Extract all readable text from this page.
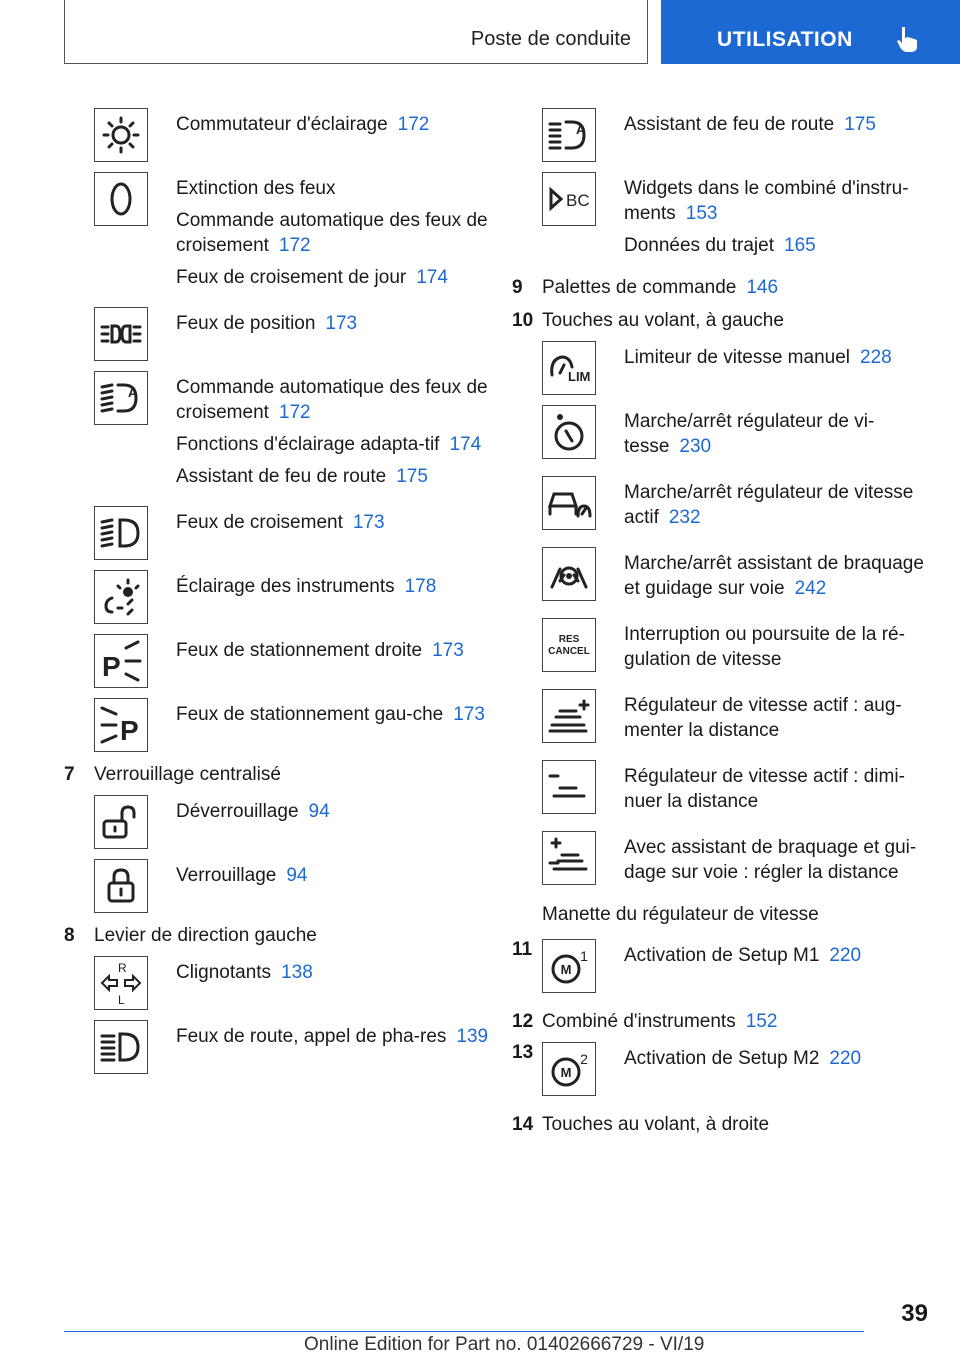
Poste de conduite	UTILISATION
Commutateur d'éclairage 172
Extinction des feux
Commande automatique des feux de croisement 172
Feux de croisement de jour 174
Feux de position 173
A Commande automatique des feux de croisement 172
Fonctions d'éclairage adapta-tif 174
Assistant de feu de route 175
Feux de croisement 173
Éclairage des instruments 178
P
Feux de stationnement droite 173
P
Feux de stationnement gau-che 173
7 Verrouillage centralisé
Déverrouillage 94
Verrouillage 94
8 Levier de direction gauche
R
L
Clignotants 138
Feux de route, appel de pha-res 139
A Assistant de feu de route 175
BC
Widgets dans le combiné d'instru-ments 153
Données du trajet 165
9 Palettes de commande 146
10 Touches au volant, à gauche
LIM
Limiteur de vitesse manuel 228
Marche/arrêt régulateur de vi-tesse 230
Marche/arrêt régulateur de vitesse actif 232
Marche/arrêt assistant de braquage et guidage sur voie 242
RES
CANCEL
Interruption ou poursuite de la ré-gulation de vitesse
Régulateur de vitesse actif : aug-menter la distance
Régulateur de vitesse actif : dimi-nuer la distance
Avec assistant de braquage et gui-dage sur voie : régler la distance
Manette du régulateur de vitesse
11
M
1 Activation de Setup M1 220
12 Combiné d'instruments 152
13
M
2 Activation de Setup M2 220
14 Touches au volant, à droite
39
Online Edition for Part no. 01402666729 - VI/19
